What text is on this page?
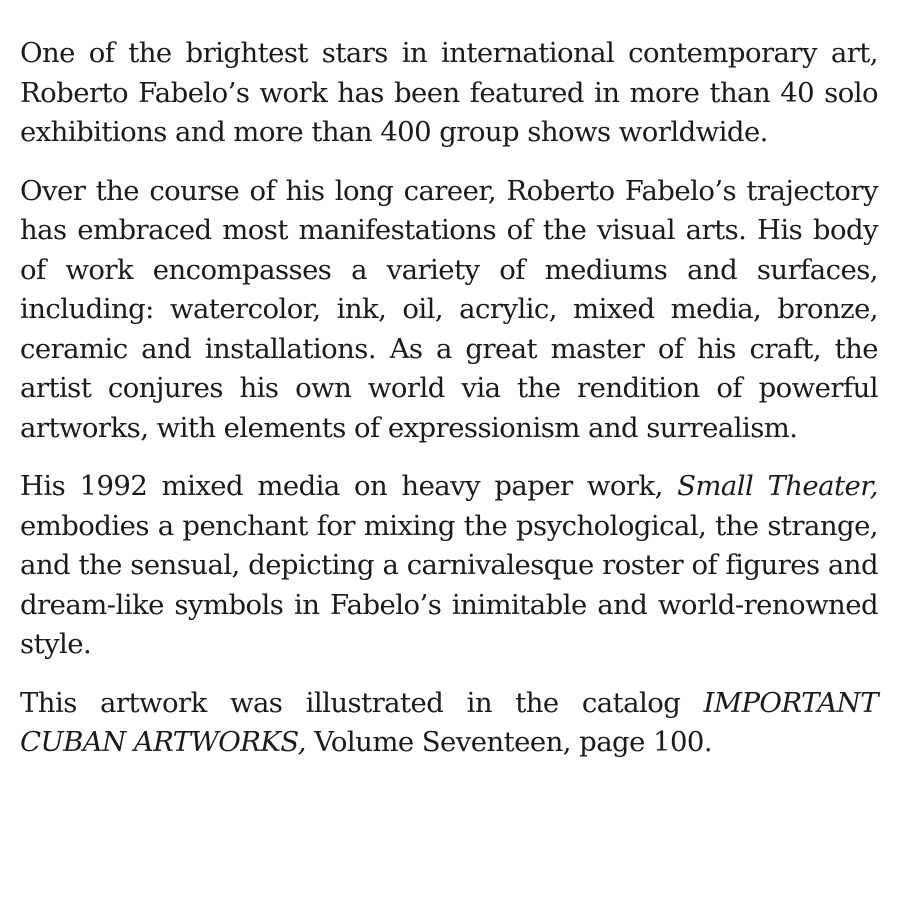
One of the brightest stars in international contemporary art, Roberto Fabelo’s work has been featured in more than 40 solo exhibitions and more than 400 group shows worldwide.

Over the course of his long career, Roberto Fabelo’s trajectory has embraced most manifestations of the visual arts. His body of work encompasses a variety of mediums and surfaces, including: watercolor, ink, oil, acrylic, mixed media, bronze, ceramic and installations. As a great master of his craft, the artist conjures his own world via the rendition of powerful artworks, with elements of expressionism and surrealism.

His 1992 mixed media on heavy paper work, Small Theater, embodies a penchant for mixing the psychological, the strange, and the sensual, depicting a carnivalesque roster of figures and dream-like symbols in Fabelo’s inimitable and world-renowned style.

This artwork was illustrated in the catalog IMPORTANT CUBAN ARTWORKS, Volume Seventeen, page 100.
